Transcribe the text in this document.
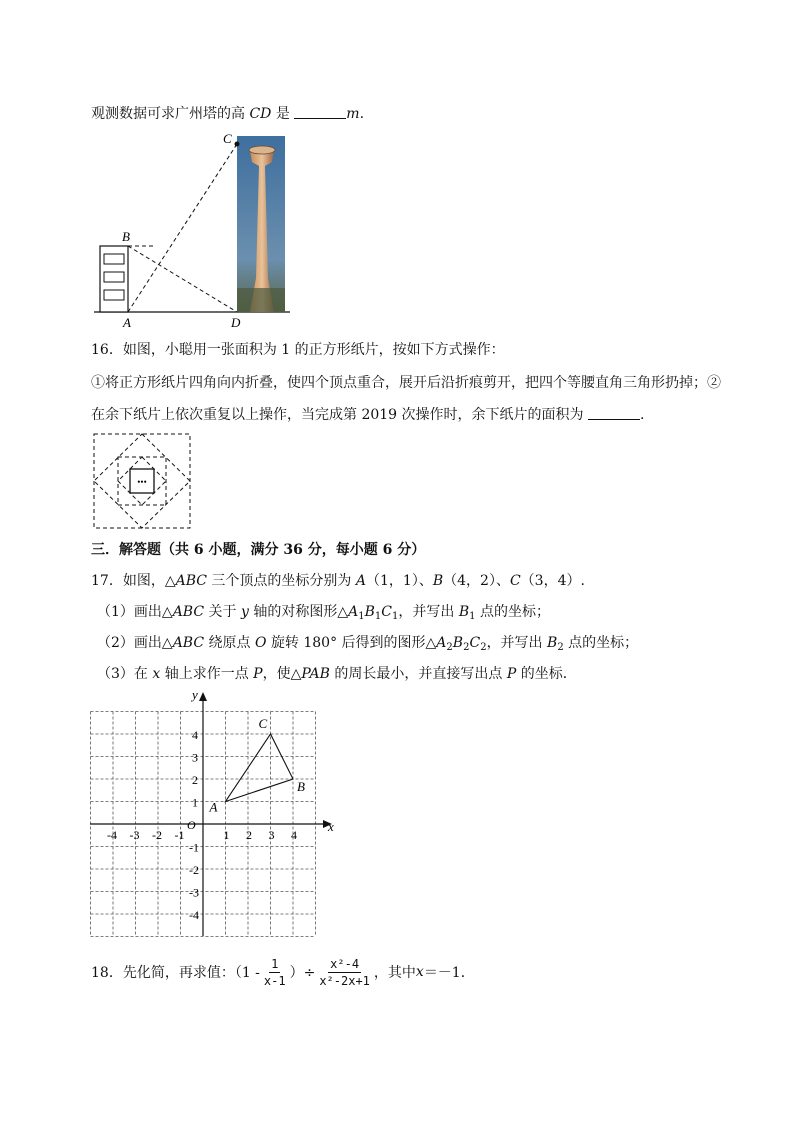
观测数据可求广州塔的高 CD 是	m.
C
B
A	D
16．如图，小聪用一张面积为 1 的正方形纸片，按如下方式操作：
①将正方形纸片四角向内折叠，使四个顶点重合，展开后沿折痕剪开，把四个等腰直角三角形扔掉；②
在余下纸片上依次重复以上操作，当完成第 2019 次操作时，余下纸片的面积为	.
•••
三．解答题（共 6 小题，满分 36 分，每小题 6 分）
17．如图，△ABC 三个顶点的坐标分别为 A（1，1）、B（4，2）、C（3，4）.
（1）画出△ABC 关于 y 轴的对称图形$\triangle A_1B_1C_1$，并写出 $B_1$ 点的坐标；
（2）画出△ABC 绕原点 O 旋转 180° 后得到的图形$\triangle A_2B_2C_2$，并写出 $B_2$ 点的坐标；
（3）在 x 轴上求作一点 P，使△PAB 的周长最小，并直接写出点 P 的坐标．
x
y
O
-4 -3 -2 -1	1 2 3 4
4
3
2
1
-1
-2
-3
-4
A
B
C
18．先化简，再求值：（$1 - \frac{1}{x-1}$ ）÷ $\frac{\text{x²-4}}{\text{x²-2x+1}}$ ，其中 x ＝－1．
